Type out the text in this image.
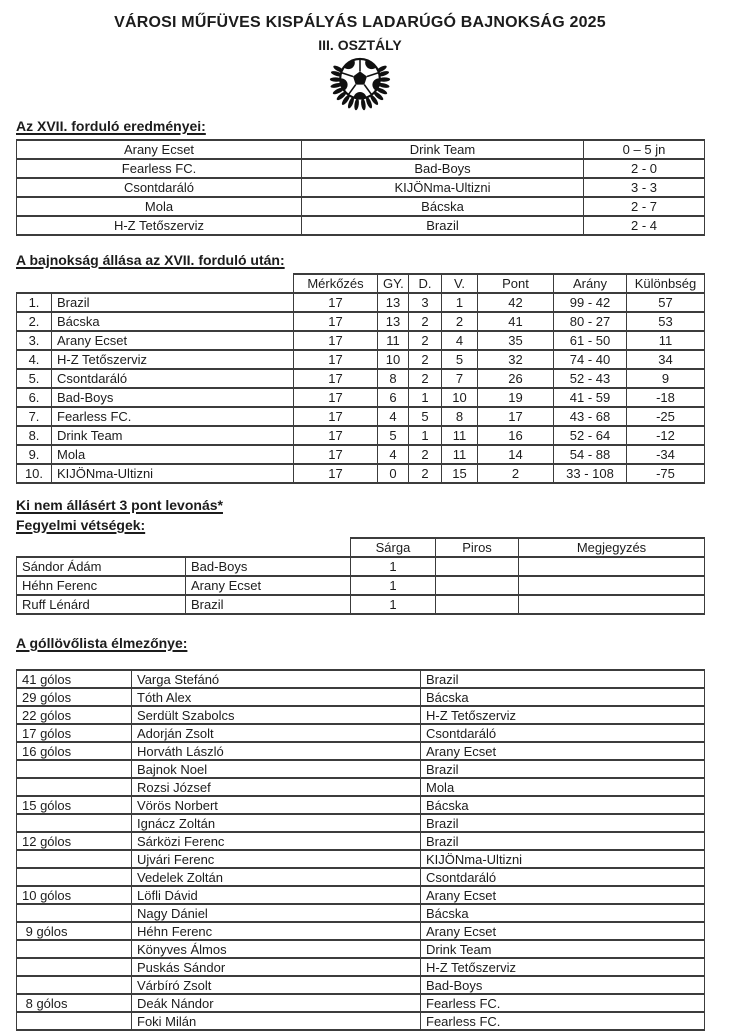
VÁROSI MŰFÜVES KISPÁLYÁS LADARÚGÓ BAJNOKSÁG 2025
III. OSZTÁLY

Az XVII. forduló eredményei:

Arany Ecset	Drink Team	0 – 5 jn
Fearless FC.	Bad-Boys	2 - 0
Csontdaráló	KIJÖNma-Ultizni	3 - 3
Mola	Bácska	2 - 7
H-Z Tetőszerviz	Brazil	2 - 4

A bajnokság állása az XVII. forduló után:

		Mérkőzés	GY.	D.	V.	Pont	Arány	Különbség
1.	Brazil	17	13	3	1	42	99 - 42	57
2.	Bácska	17	13	2	2	41	80 - 27	53
3.	Arany Ecset	17	11	2	4	35	61 - 50	11
4.	H-Z Tetőszerviz	17	10	2	5	32	74 - 40	34
5.	Csontdaráló	17	8	2	7	26	52 - 43	9
6.	Bad-Boys	17	6	1	10	19	41 - 59	-18
7.	Fearless FC.	17	4	5	8	17	43 - 68	-25
8.	Drink Team	17	5	1	11	16	52 - 64	-12
9.	Mola	17	4	2	11	14	54 - 88	-34
10.	KIJÖNma-Ultizni	17	0	2	15	2	33 - 108	-75

Ki nem állásért 3 pont levonás*

Fegyelmi vétségek:

		Sárga	Piros	Megjegyzés
Sándor Ádám	Bad-Boys	1		
Héhn Ferenc	Arany Ecset	1		
Ruff Lénárd	Brazil	1		

A góllövőlista élmezőnye:

41 gólos	Varga Stefánó	Brazil
29 gólos	Tóth Alex	Bácska
22 gólos	Serdült Szabolcs	H-Z Tetőszerviz
17 gólos	Adorján Zsolt	Csontdaráló
16 gólos	Horváth László	Arany Ecset
	Bajnok Noel	Brazil
	Rozsi József	Mola
15 gólos	Vörös Norbert	Bácska
	Ignácz Zoltán	Brazil
12 gólos	Sárközi Ferenc	Brazil
	Ujvári Ferenc	KIJÖNma-Ultizni
	Vedelek Zoltán	Csontdaráló
10 gólos	Löfli Dávid	Arany Ecset
	Nagy Dániel	Bácska
9 gólos	Héhn Ferenc	Arany Ecset
	Könyves Álmos	Drink Team
	Puskás Sándor	H-Z Tetőszerviz
	Várbíró Zsolt	Bad-Boys
8 gólos	Deák Nándor	Fearless FC.
	Foki Milán	Fearless FC.
